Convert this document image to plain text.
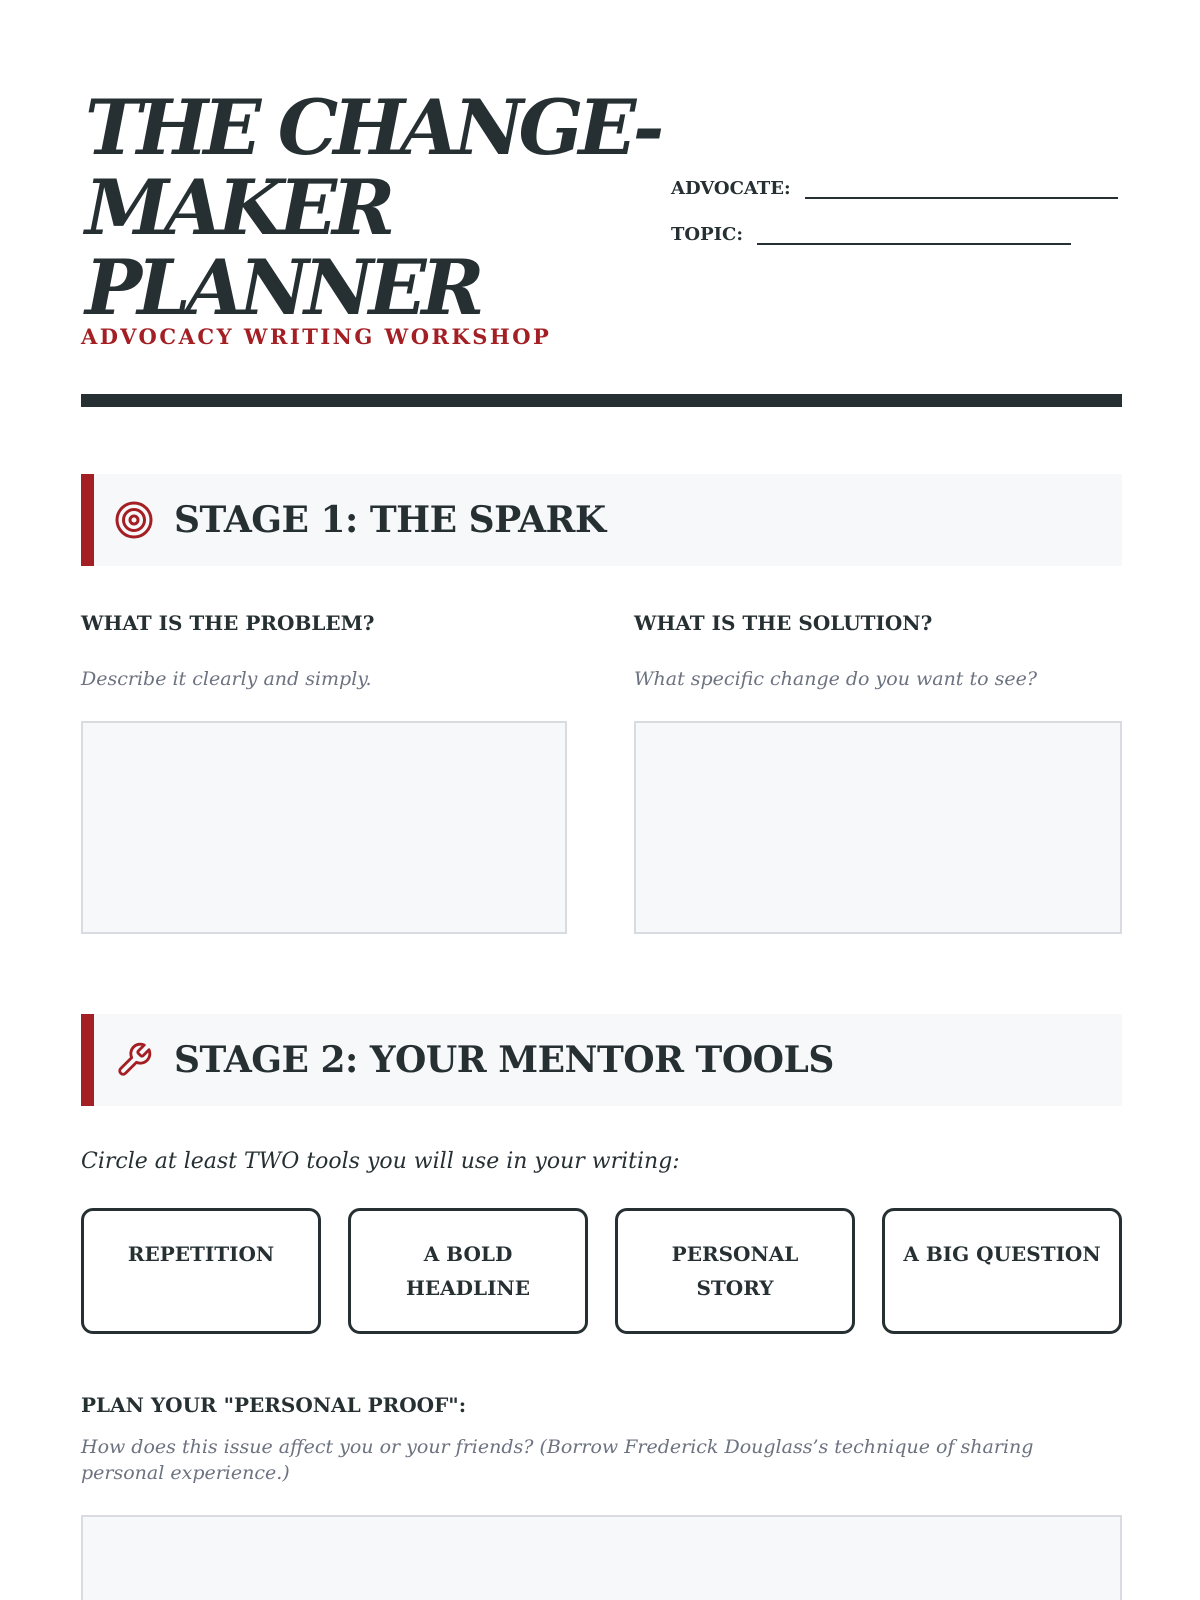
THE CHANGE-
MAKER
PLANNER
ADVOCACY WRITING WORKSHOP
ADVOCATE:
TOPIC:
STAGE 1: THE SPARK
WHAT IS THE PROBLEM?
Describe it clearly and simply.
WHAT IS THE SOLUTION?
What specific change do you want to see?
STAGE 2: YOUR MENTOR TOOLS
Circle at least TWO tools you will use in your writing:
REPETITION	A BOLD HEADLINE
PERSONAL STORY
A BIG QUESTION
PLAN YOUR "PERSONAL PROOF":
How does this issue affect you or your friends? (Borrow Frederick Douglass’s technique of sharing personal experience.)
